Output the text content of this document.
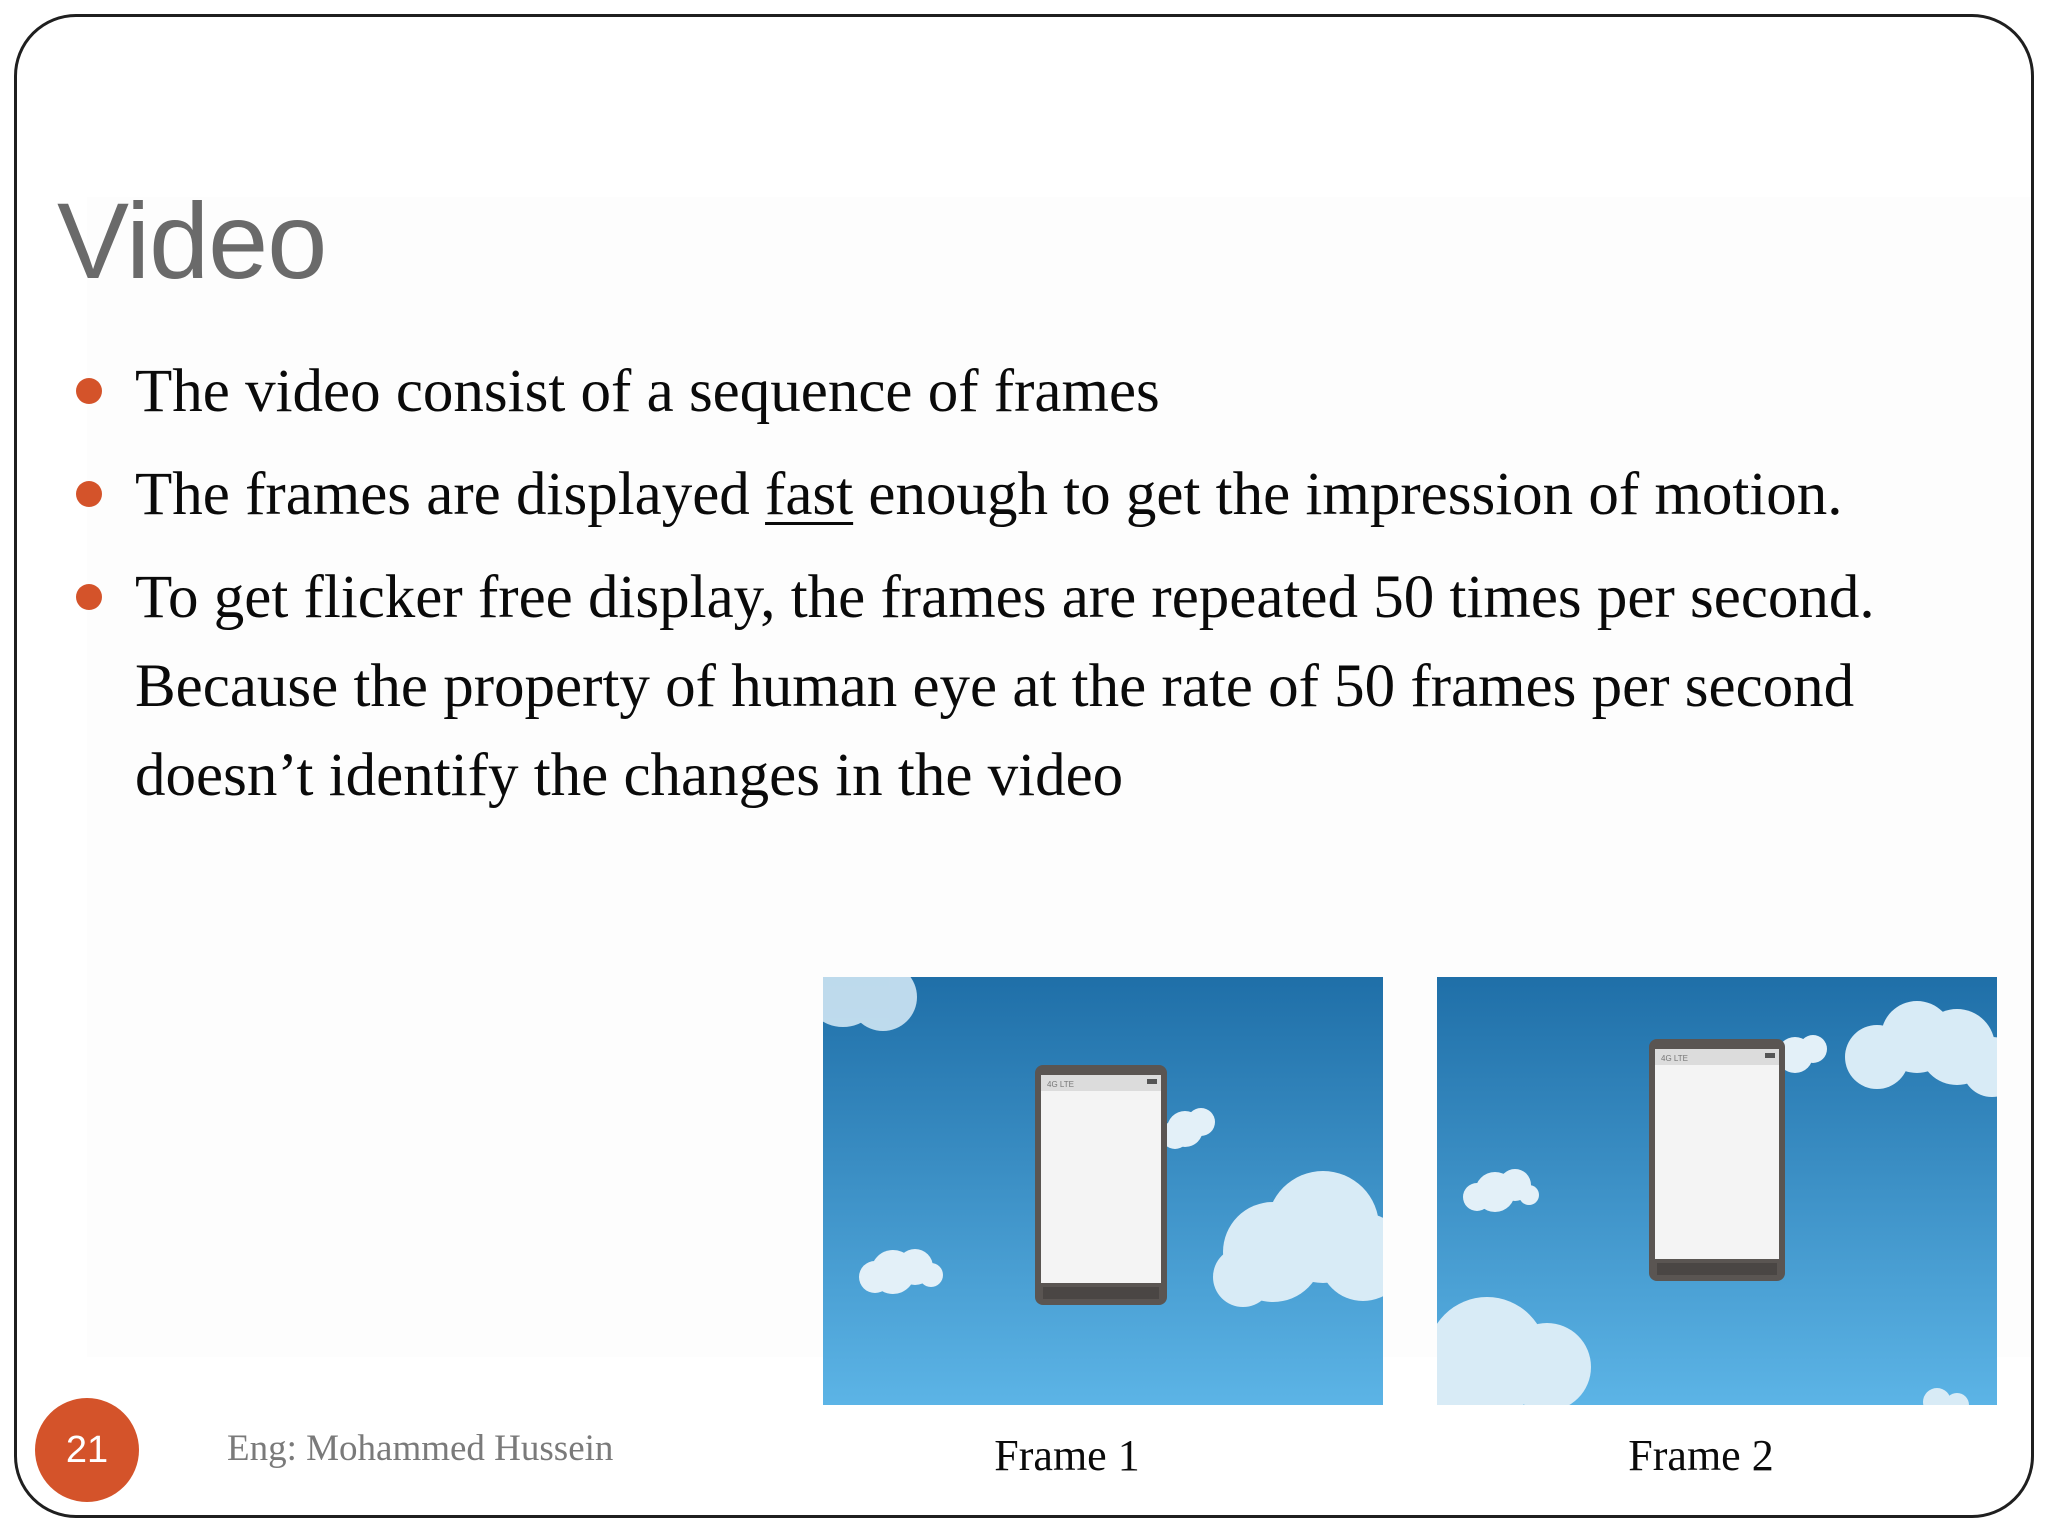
Video
The video consist of a sequence of frames
The frames are displayed fast enough to get the impression of motion.
To get flicker free display, the frames are repeated 50 times per second. Because the property of human eye at the rate of 50 frames per second doesn’t identify the changes in the video
4G LTE
4G LTE
Frame 1	Frame 2
21	Eng: Mohammed Hussein
